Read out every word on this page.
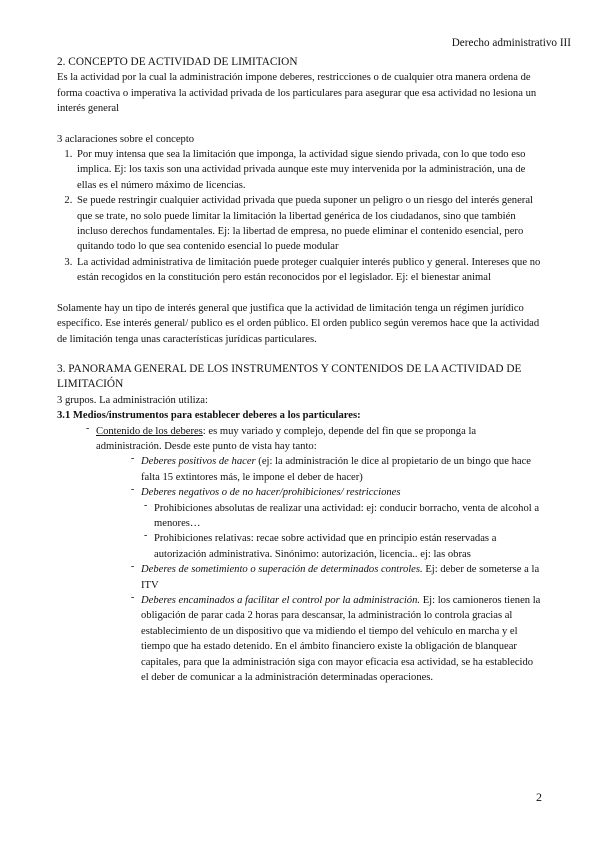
Derecho administrativo III

2. CONCEPTO DE ACTIVIDAD DE LIMITACION

Es la actividad por la cual la administración impone deberes, restricciones o de cualquier otra manera ordena de forma coactiva o imperativa la actividad privada de los particulares para asegurar que esa actividad no lesiona un interés general

3 aclaraciones sobre el concepto

1. Por muy intensa que sea la limitación que imponga, la actividad sigue siendo privada, con lo que todo eso implica. Ej: los taxis son una actividad privada aunque este muy intervenida por la administración, una de ellas es el número máximo de licencias.
2. Se puede restringir cualquier actividad privada que pueda suponer un peligro o un riesgo del interés general que se trate, no solo puede limitar la limitación la libertad genérica de los ciudadanos, sino que también incluso derechos fundamentales. Ej: la libertad de empresa, no puede eliminar el contenido esencial, pero quitando todo lo que sea contenido esencial lo puede modular
3. La actividad administrativa de limitación puede proteger cualquier interés publico y general. Intereses que no están recogidos en la constitución pero están reconocidos por el legislador. Ej: el bienestar animal

Solamente hay un tipo de interés general que justifica que la actividad de limitación tenga un régimen jurídico específico. Ese interés general/ publico es el orden público. El orden publico según veremos hace que la actividad de limitación tenga unas características jurídicas particulares.

3. PANORAMA GENERAL DE LOS INSTRUMENTOS Y CONTENIDOS DE LA ACTIVIDAD DE LIMITACIÓN

3 grupos. La administración utiliza:

3.1 Medios/instrumentos para establecer deberes a los particulares:

- Contenido de los deberes: es muy variado y complejo, depende del fin que se proponga la administración. Desde este punto de vista hay tanto:
- Deberes positivos de hacer (ej: la administración le dice al propietario de un bingo que hace falta 15 extintores más, le impone el deber de hacer)
- Deberes negativos o de no hacer/prohibiciones/ restricciones
- Prohibiciones absolutas de realizar una actividad: ej: conducir borracho, venta de alcohol a menores…
- Prohibiciones relativas: recae sobre actividad que en principio están reservadas a autorización administrativa. Sinónimo: autorización, licencia.. ej: las obras
- Deberes de sometimiento o superación de determinados controles. Ej: deber de someterse a la ITV
- Deberes encaminados a facilitar el control por la administración. Ej: los camioneros tienen la obligación de parar cada 2 horas para descansar, la administración lo controla gracias al establecimiento de un dispositivo que va midiendo el tiempo del vehículo en marcha y el tiempo que ha estado detenido. En el ámbito financiero existe la obligación de blanquear capitales, para que la administración siga con mayor eficacia esa actividad, se ha establecido el deber de comunicar a la administración determinadas operaciones.
2
